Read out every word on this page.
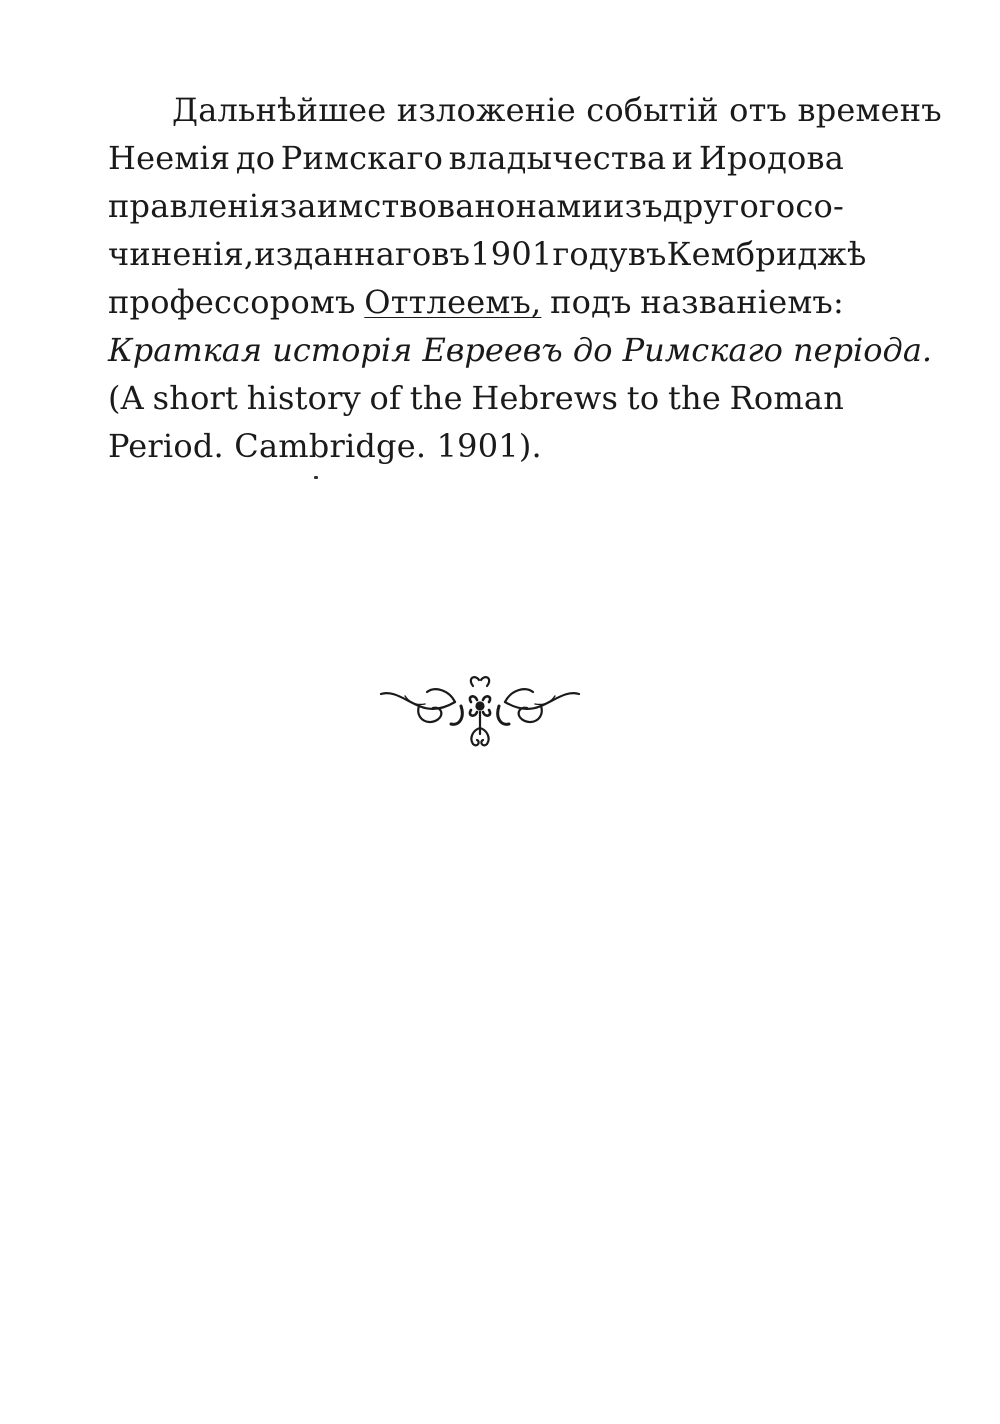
Дальнѣйшее изложеніе событій отъ временъ
Неемія до Римскаго владычества и Иродова
правленія заимствовано нами изъ другого со-
чиненія, изданнаго въ 1901 году въ Кембриджѣ
профессоромъ Оттлеемъ, подъ названіемъ:
Краткая исторія Евреевъ до Римскаго періода.
(A short history of the Hebrews to the Roman
Period. Cambridge. 1901).
